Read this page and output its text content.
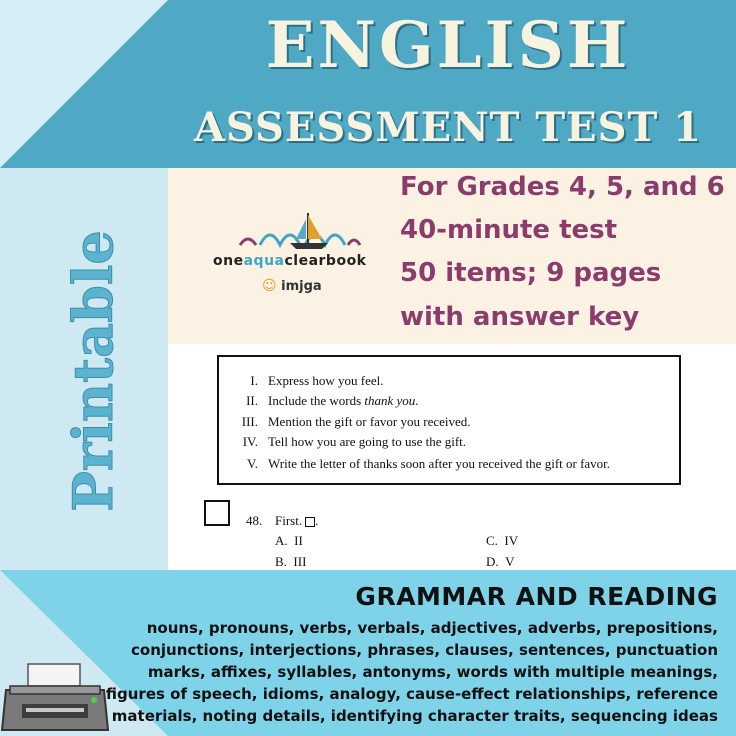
ENGLISH
ASSESSMENT TEST 1
For Grades 4, 5, and 6
40-minute test
50 items; 9 pages
with answer key
oneaquaclearbook
☺ imjga
I. Express how you feel.
II. Include the words thank you.
III. Mention the gift or favor you received.
IV. Tell how you are going to use the gift.
V. Write the letter of thanks soon after you received the gift or favor.
48. First. .
A. II
B. III
C. IV
D. V
Printable
GRAMMAR AND READING
nouns, pronouns, verbs, verbals, adjectives, adverbs, prepositions,
conjunctions, interjections, phrases, clauses, sentences, punctuation
marks, affixes, syllables, antonyms, words with multiple meanings,
figures of speech, idioms, analogy, cause-effect relationships, reference
materials, noting details, identifying character traits, sequencing ideas
